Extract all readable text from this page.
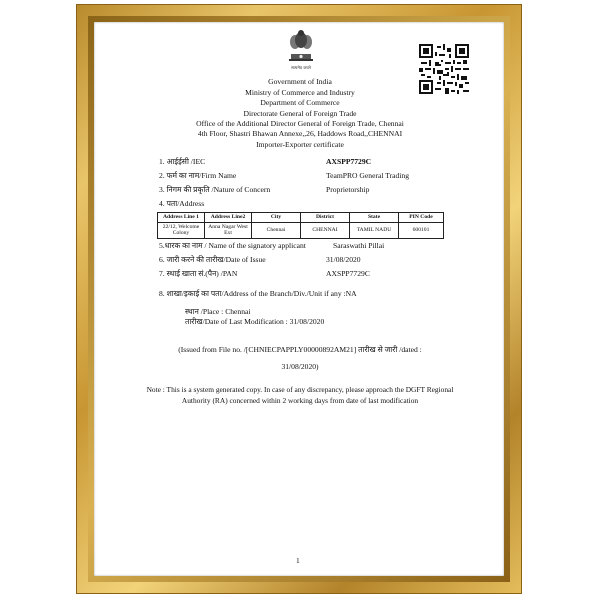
सत्यमेव जयते
Government of India
Ministry of Commerce and Industry
Department of Commerce
Directorate General of Foreign Trade
Office of the Additional Director General of Foreign Trade, Chennai
4th Floor, Shastri Bhawan Annexe,,26, Haddows Road,,CHENNAI
Importer-Exporter certificate
1. आईईसी /IEC	AXSPP7729C
2. फर्म का नाम/Firm Name	TeamPRO General Trading
3. निगम की प्रकृति /Nature of Concern	Proprietorship
4. पता/Address
Address Line 1	Address Line2	City	District	State	PIN Code
22/12, Welcome Colony	Anna Nagar West Ext	Chennai	CHENNAI	TAMIL NADU	600101
5.धारक का नाम / Name of the signatory applicant	Saraswathi Pillai
6. जारी करने की तारीख/Date of Issue	31/08/2020
7. स्थाई खाता सं.(पैन) /PAN	AXSPP7729C
8. शाखा/इकाई का पता/Address of the Branch/Div./Unit if any :NA
स्थान /Place : Chennai
तारीख/Date of Last Modification : 31/08/2020
(Issued from File no. /[CHNIECPAPPLY00000892AM21] तारीख से जारी /dated :
31/08/2020)
Note : This is a system generated copy. In case of any discrepancy, please approach the DGFT Regional Authority (RA) concerned within 2 working days from date of last modification
1
